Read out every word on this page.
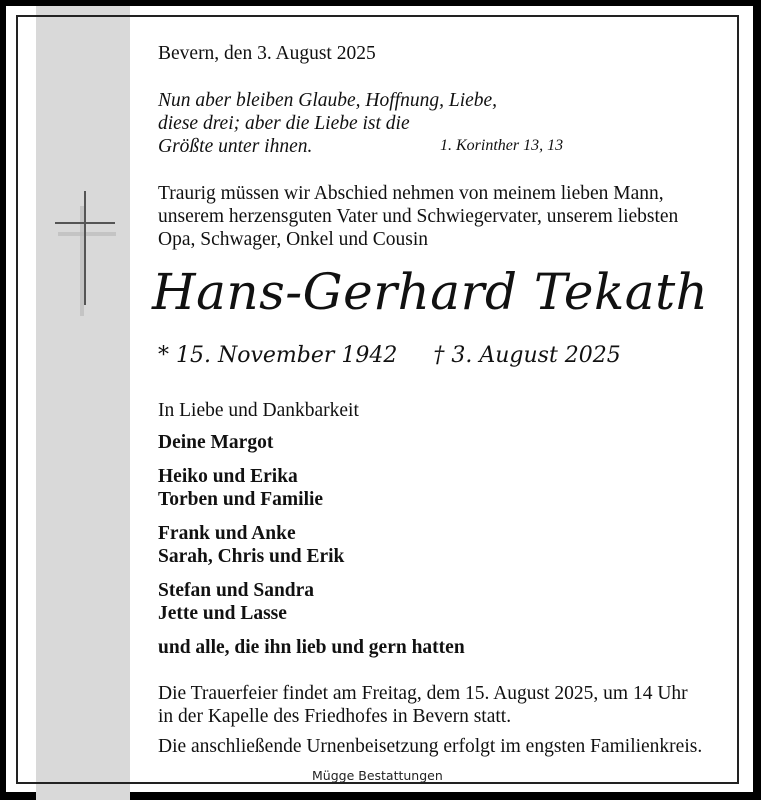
Bevern, den 3. August 2025
Nun aber bleiben Glaube, Hoffnung, Liebe,
diese drei; aber die Liebe ist die
Größte unter ihnen.	1. Korinther 13, 13
Traurig müssen wir Abschied nehmen von meinem lieben Mann,
unserem herzensguten Vater und Schwiegervater, unserem liebsten
Opa, Schwager, Onkel und Cousin
Hans-Gerhard Tekath
* 15. November 1942 † 3. August 2025
In Liebe und Dankbarkeit
Deine Margot
Heiko und Erika
Torben und Familie
Frank und Anke
Sarah, Chris und Erik
Stefan und Sandra
Jette und Lasse
und alle, die ihn lieb und gern hatten
Die Trauerfeier findet am Freitag, dem 15. August 2025, um 14 Uhr
in der Kapelle des Friedhofes in Bevern statt.
Die anschließende Urnenbeisetzung erfolgt im engsten Familienkreis.
Mügge Bestattungen
